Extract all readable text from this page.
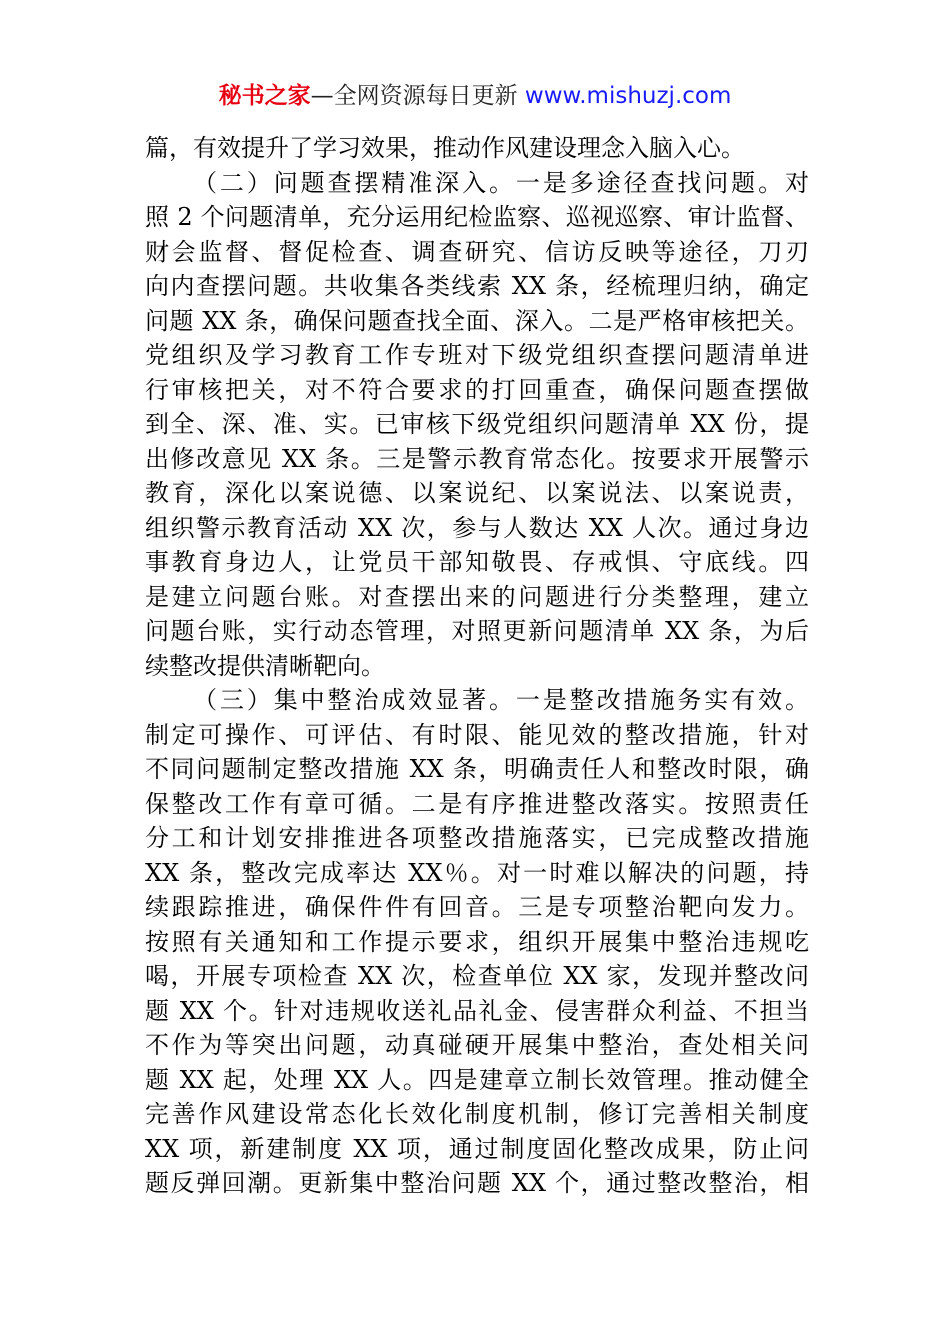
秘书之家—全网资源每日更新 www.mishuzj.com
篇，有效提升了学习效果，推动作风建设理念入脑入心。
（二）问题查摆精准深入。一是多途径查找问题。对
照 2 个问题清单，充分运用纪检监察、巡视巡察、审计监督、
财会监督、督促检查、调查研究、信访反映等途径，刀刃
向内查摆问题。共收集各类线索 XX 条，经梳理归纳，确定
问题 XX 条，确保问题查找全面、深入。二是严格审核把关。
党组织及学习教育工作专班对下级党组织查摆问题清单进
行审核把关，对不符合要求的打回重查，确保问题查摆做
到全、深、准、实。已审核下级党组织问题清单 XX 份，提
出修改意见 XX 条。三是警示教育常态化。按要求开展警示
教育，深化以案说德、以案说纪、以案说法、以案说责，
组织警示教育活动 XX 次，参与人数达 XX 人次。通过身边
事教育身边人，让党员干部知敬畏、存戒惧、守底线。四
是建立问题台账。对查摆出来的问题进行分类整理，建立
问题台账，实行动态管理，对照更新问题清单 XX 条，为后
续整改提供清晰靶向。
（三）集中整治成效显著。一是整改措施务实有效。
制定可操作、可评估、有时限、能见效的整改措施，针对
不同问题制定整改措施 XX 条，明确责任人和整改时限，确
保整改工作有章可循。二是有序推进整改落实。按照责任
分工和计划安排推进各项整改措施落实，已完成整改措施
XX 条，整改完成率达 XX％。对一时难以解决的问题，持
续跟踪推进，确保件件有回音。三是专项整治靶向发力。
按照有关通知和工作提示要求，组织开展集中整治违规吃
喝，开展专项检查 XX 次，检查单位 XX 家，发现并整改问
题 XX 个。针对违规收送礼品礼金、侵害群众利益、不担当
不作为等突出问题，动真碰硬开展集中整治，查处相关问
题 XX 起，处理 XX 人。四是建章立制长效管理。推动健全
完善作风建设常态化长效化制度机制，修订完善相关制度
XX 项，新建制度 XX 项，通过制度固化整改成果，防止问
题反弹回潮。更新集中整治问题 XX 个，通过整改整治，相
